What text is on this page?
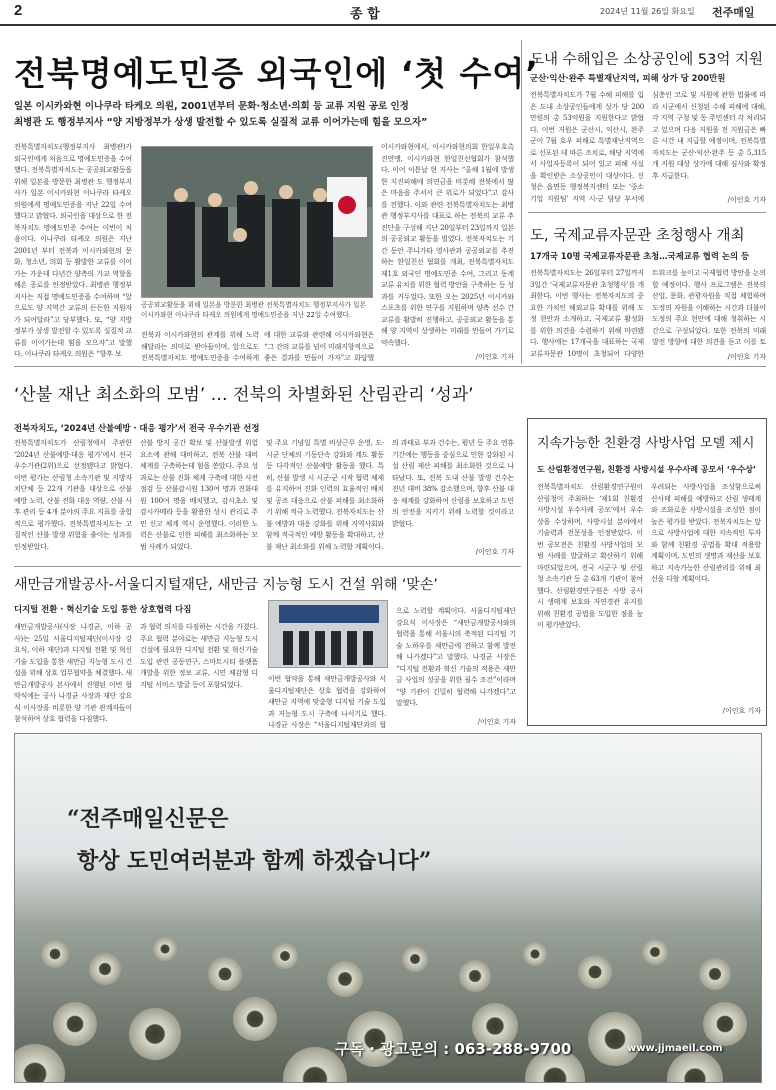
2	종 합	2024년 11월 26일 화요일 전주매일
전북명예도민증 외국인에 ‘첫 수여’
일본 이시카와현 이나쿠라 타케오 의원, 2001년부터 문화·청소년·의회 등 교류 지원 공로 인정
최병관 도 행정부지사 “양 지방정부가 상생 발전할 수 있도록 실질적 교류 이어가는데 힘을 모으자”
전북특별자치도(행정부지사 최병관)가 외국인에게 처음으로 명예도민증을 수여했다. 전북특별자치도는 공공외교활동을 위해 일본을 방문한 최병관 도 행정부지사가 일본 이시카와현 이나쿠라 타케오 의원에게 명예도민증을 지난 22일 수여했다고 밝혔다. 외국인을 대상으로 한 전북자치도 명예도민증 수여는 이번이 처음이다. 이나쿠라 타케오 의원은 지난 2001년 부터 전북과 이시카와현의 문화, 청소년, 의회 등 활발한 교류를 이어가는 가운데 다년간 양측의 가교 역할을 해온 공로를 인정받았다. 최병관 행정부지사는 직접 명예도민증을 수여하며 “앞으로도 양 지역간 교류의 든든한 지원자가 되어달라”고 당부했다. 또, “양 지방정부가 상생 발전할 수 있도록 실질적 교류를 이어가는데 힘을 모으자”고 말했다. 이나쿠라 타케오 의원은 “향후 보
공공외교활동을 위해 일본을 방문한 최병관 전북특별자치도 행정부지사가 일본 이시카와현 이나쿠라 타케오 의원에게 명예도민증을 지난 22일 수여했다.
전북과 이시카와현의 관계를 위해 노력해달라는 의미로 받아들이며, 앞으로도 전북특별자치도 명예도민증을 수여하게
에 대한 교류와 관련해 이시카와현은 “그 간의 교류를 넘어 미래지향적으로 좋은 결과를 만들어 가자”고 화답했
이시카와현에서, 이시카와현의회 한일우호촉진연맹, 이시카와현 한일친선협회가 참석했다. 이어 이튿날 현 지사는 “올해 1월에 발생한 지진피해에 의연금을 비롯해 전북에서 많은 마음을 주셔서 큰 위로가 되었다”고 감사를 전했다. 이와 관련 전북특별자치도는 최병관 행정부지사를 대표로 하는 전북의 교류 추진단을 구성해 지난 20일부터 23일까지 일본의 공공외교 활동을 벌였다. 전북자치도는 기간 동안 주니가타 영사관과 공공외교를 추진하는 한일친선 협회를 개최, 전북특별자치도 제1호 외국인 명예도민증 수여, 그리고 동계 교류 유치를 위한 협력 방안을 구축하는 등 성과를 거두었다. 또한 오는 2025년 이시카와 스포츠를 위한 연구를 지원하며 양측 선수 간 교류를 활발히 진행하고, 공공외교 활동을 통해 양 지역이 상생하는 미래를 만들어 가기로 약속했다.
/이인호 기자
도내 수해입은 소상공인에 53억 지원
군산·익산·완주 특별재난지역, 피해 상가 당 200만원
전북특별자치도가 7월 수해 피해를 입은 도내 소상공인들에게 상가 당 200만원의 총 53억원을 지원한다고 밝혔다. 이번 지원은 군산시, 익산시, 완주군이 7월 호우 피해로 특별재난지역으로 선포된 데 따른 조치로, 해당 지역에서 사업자등록이 되어 있고 피해 사실을 확인받은 소상공인이 대상이다. 신청은 읍면동 행정복지센터 또는 ‘중소기업 지원팀’ 지역 시·군 담당 부서에
심층인 코로 및 지원에 관한 법률에 따라 시군에서 신청된 수해 피해에 대해, 각 지역 구청 및 동 주민센터 각 처리되고 있으며 다음 지원을 전 지원금은 빠른 시간 내 지급할 예정이며, 전북특별자치도는 군산·익산·완주 등 총 5,315개 지원 대상 상가에 대해 심사와 확정 후 지급한다.
/이인호 기자
도, 국제교류자문관 초청행사 개최
17개국 10명 국제교류자문관 초청…국제교류 협력 논의 등
전북특별자치도는 26일부터 27일까지 3일간 ‘국제교류자문관 초청행사’를 개최한다. 이번 행사는 전북자치도의 중요한 가치인 해외교류 확대를 위해 도정 현안과 소개하고, 국제교류 활성화를 위한 의견을 수렴하기 위해 마련됐다. 행사에는 17개국을 대표하는 국제교류자문관 10명이 초청되어 다양한
트워크를 높이고 국제협력 방안을 논의할 예정이다. 행사 프로그램은 전북의 산업, 문화, 관광자원을 직접 체험하며 도정의 자원을 이해하는 시간과 더불어 도정의 주요 현안에 대해 청취하는 시간으로 구성되었다. 또한 전북의 미래 발전 방향에 대한 의견을 듣고 이를 토
/이인호 기자
‘산불 재난 최소화의 모범’ … 전북의 차별화된 산림관리 ‘성과’
전북자치도, ‘2024년 산불예방 · 대응 평가’서 전국 우수기관 선정
전북특별자치도가 산림청에서 주관한 ‘2024년 산불예방·대응 평가’에서 전국 우수기관(2위)으로 선정됐다고 밝혔다. 이번 평가는 산림청 소속기관 및 지방자치단체 등 22개 기관을 대상으로 산불 예방 노력, 산불 진화 대응 역량, 산불 사후 관리 등 4개 분야의 주요 지표를 종합적으로 평가했다. 전북특별자치도는 고질적인 산불 발생 위험을 줄이는 성과를 인정받았다.
산불 방지 공간 확보 및 산불발생 위험 요소에 관해 대비하고, 전북 산불 대비 체계를 구축하는데 힘을 쏟았다. 주요 성과로는 산불 진화 체계 구축에 대한 사전 점검 등 산불감시원 130여 명과 진화대원 100여 명을 배치했고, 감시초소 및 감시카메라 등을 활용한 상시 관리로 주민 신고 체계 역시 운영했다. 이러한 노력은 산불로 인한 피해를 최소화하는 모범 사례가 되었다.
및 주요 기념일 특별 비상근무 운영, 도·시군 단체의 기동단속 강화와 계도 활동 등 다각적인 산불예방 활동을 했다. 특히, 산불 발생 시 시군·군 시작 협력 체제를 유지하여 진화 인력의 효율적인 배치 및 공조 대응으로 산불 피해를 최소화하기 위해 적극 노력했다. 전북자치도는 산불 예방과 대응 강화를 위해 지역사회와 함께 적극적인 예방 활동을 확대하고, 산불 재난 최소화를 위해 노력할 계획이다.
의 과태료 부과 건수는, 평년 등 주요 연휴기간에는 행동을 중심으로 인한 강화된 시설 산림 재산 피해를 최소화한 것으로 나타났다. 또, 전북 도내 산불 발생 건수는 전년 대비 38% 감소했으며, 향후 산불 대응 체계를 강화하여 산림을 보호하고 도민의 안전을 지키기 위해 노력할 것이라고 밝혔다.
/이인호 기자
지속가능한 친환경 사방사업 모델 제시
도 산림환경연구원, 친환경 사방시설 우수사례 공모서 ‘우수상’
전북특별자치도 산림환경연구원이 산림청이 주최하는 ‘제1회 친환경 사방시설 우수사례 공모’에서 우수상을 수상하며, 사방시설 분야에서 기술력과 전문성을 인정받았다. 이번 공모전은 친환경 사방사업의 모범 사례를 발굴하고 확산하기 위해 마련되었으며, 전국 시군구 및 산림청 소속기관 등 총 63개 기관이 참여했다. 산림환경연구원은 사방 공사 시 생태계 보호와 자연경관 유지를 위해 친환경 공법을 도입한 점을 높이 평가받았다.
우려되는 사방사업을 조성함으로써 산사태 피해를 예방하고 산림 생태계와 조화로운 사방시설을 조성한 점이 높은 평가를 받았다. 전북자치도는 앞으로 사방사업에 대한 지속적인 투자와 함께 친환경 공법을 확대 적용할 계획이며, 도민의 생명과 재산을 보호하고 지속가능한 산림관리를 위해 최선을 다할 계획이다.
/이인호 기자
새만금개발공사-서울디지털재단, 새만금 지능형 도시 건설 위해 ‘맞손’
디지털 전환 · 혁신기술 도입 통한 상호협력 다짐
새만금개발공사(사장 나경균, 이하 공사)는 25일 서울디지털재단(이사장 강요식, 이하 재단)과 디지털 전환 및 혁신기술 도입을 통한 새만금 지능형 도시 건설을 위해 상호 업무협약을 체결했다. 새만금개발공사 본사에서 진행된 이번 협약식에는 공사 나경균 사장과 재단 강요식 이사장을 비롯한 양 기관 관계자들이 참석하여 상호 협력을 다짐했다.
과 협력 의지를 다짐하는 시간을 가졌다. 주요 협력 분야로는 새만금 지능형 도시 건설에 필요한 디지털 전환 및 혁신기술 도입 관련 공동연구, 스마트시티 플랫폼 개발을 위한 정보 교류, 시민 체감형 디지털 서비스 발굴 등이 포함되었다.
이번 협약을 통해 새만금개발공사와 서울디지털재단은 상호 협력을 강화하여 새만금 지역에 맞춤형 디지털 기술 도입과 지능형 도시 구축에 나서기로 했다. 나경균 사장은 “서울디지털재단과의 협
으로 노력할 계획이다. 서울디지털재단 강요식 이사장은 “새만금개발공사와의 협력을 통해 서울시의 축적된 디지털 기술 노하우를 새만금에 전하고 함께 발전해 나가겠다”고 말했다. 나경균 사장은 “디지털 전환과 혁신 기술의 적용은 새만금 사업의 성공을 위한 필수 조건”이라며 “양 기관이 긴밀히 협력해 나가겠다”고 말했다.
/이인호 기자
“전주매일신문은
항상 도민여러분과 함께 하겠습니다”
구독 · 광고문의 : 063-288-9700	www.jjmaeil.com
